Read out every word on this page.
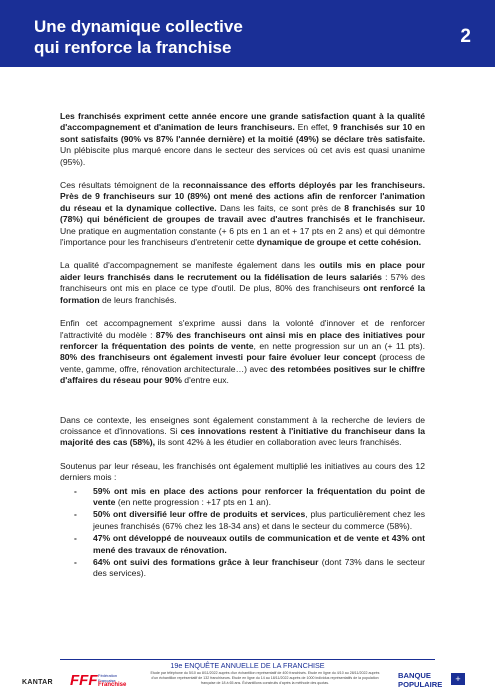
Une dynamique collective
qui renforce la franchise
2

Les franchisés expriment cette année encore une grande satisfaction quant à la qualité d'accompagnement et d'animation de leurs franchiseurs. En effet, 9 franchisés sur 10 en sont satisfaits (90% vs 87% l'année dernière) et la moitié (49%) se déclare très satisfaite. Un plébiscite plus marqué encore dans le secteur des services où cet avis est quasi unanime (95%).

Ces résultats témoignent de la reconnaissance des efforts déployés par les franchiseurs. Près de 9 franchiseurs sur 10 (89%) ont mené des actions afin de renforcer l'animation du réseau et la dynamique collective. Dans les faits, ce sont près de 8 franchisés sur 10 (78%) qui bénéficient de groupes de travail avec d'autres franchisés et le franchiseur. Une pratique en augmentation constante (+ 6 pts en 1 an et + 17 pts en 2 ans) et qui démontre l'importance pour les franchiseurs d'entretenir cette dynamique de groupe et cette cohésion.

La qualité d'accompagnement se manifeste également dans les outils mis en place pour aider leurs franchisés dans le recrutement ou la fidélisation de leurs salariés : 57% des franchiseurs ont mis en place ce type d'outil. De plus, 80% des franchiseurs ont renforcé la formation de leurs franchisés.

Enfin cet accompagnement s'exprime aussi dans la volonté d'innover et de renforcer l'attractivité du modèle : 87% des franchiseurs ont ainsi mis en place des initiatives pour renforcer la fréquentation des points de vente, en nette progression sur un an (+ 11 pts). 80% des franchiseurs ont également investi pour faire évoluer leur concept (process de vente, gamme, offre, rénovation architecturale…) avec des retombées positives sur le chiffre d'affaires du réseau pour 90% d'entre eux.

Dans ce contexte, les enseignes sont également constamment à la recherche de leviers de croissance et d'innovations. Si ces innovations restent à l'initiative du franchiseur dans la majorité des cas (58%), ils sont 42% à les étudier en collaboration avec leurs franchisés.

Soutenus par leur réseau, les franchisés ont également multiplié les initiatives au cours des 12 derniers mois :

- 59% ont mis en place des actions pour renforcer la fréquentation du point de vente (en nette progression : +17 pts en 1 an).
- 50% ont diversifié leur offre de produits et services, plus particulièrement chez les jeunes franchisés (67% chez les 18-34 ans) et dans le secteur du commerce (58%).
- 47% ont développé de nouveaux outils de communication et de vente et 43% ont mené des travaux de rénovation.
- 64% ont suivi des formations grâce à leur franchiseur (dont 73% dans le secteur des services).
19e ENQUÊTE ANNUELLE DE LA FRANCHISE
Etude par téléphone du 5/10 au 8/11/2022 auprès d'un échantillon représentatif de 400 franchisés. Etude en ligne du 4/10 au 28/11/2022 auprès d'un échantillon représentatif de 132 franchiseurs. Etude en ligne du 14 au 18/11/2022 auprès de 1000 individus représentatifs de la population française de 18 à 65 ans. Échantillons construits d'après la méthode des quotas.
KANTAR FFF Fédération
Française
Franchise
BANQUE
POPULAIRE
+
